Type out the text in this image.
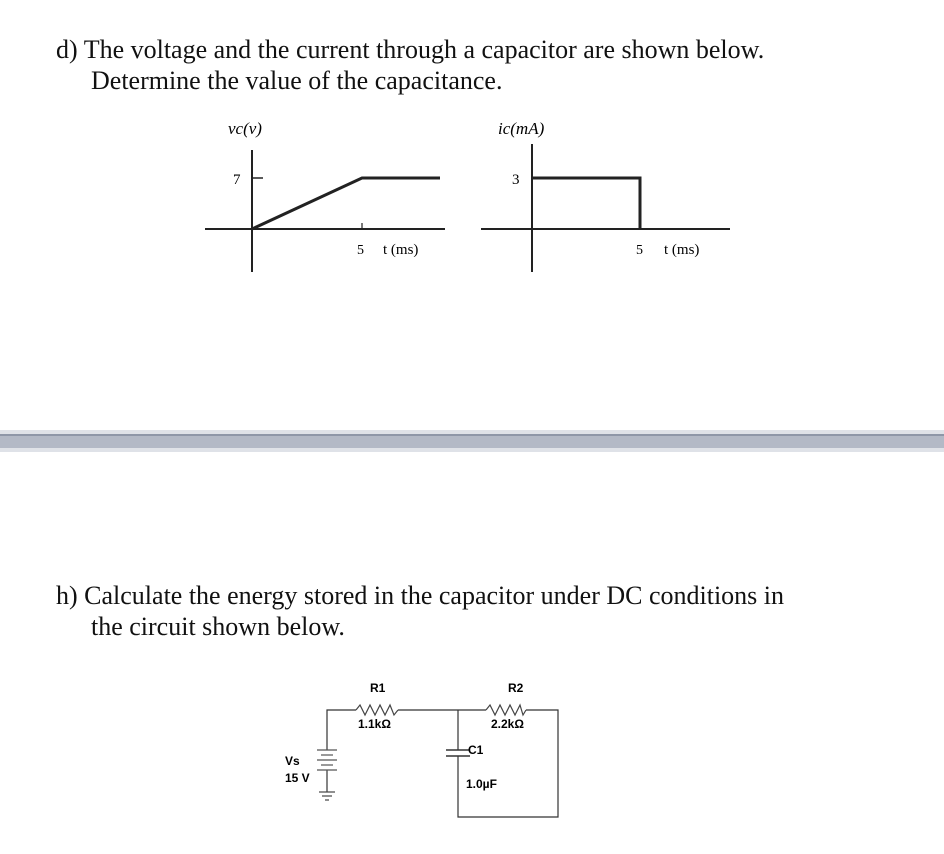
d) The voltage and the current through a capacitor are shown below.
Determine the value of the capacitance.
vc(v)
7
5 t (ms)
ic(mA)
3
5 t (ms)
h) Calculate the energy stored in the capacitor under DC conditions in
the circuit shown below.
R1
1.1kΩ
R2
2.2kΩ
C1
1.0µF
Vs
15 V
